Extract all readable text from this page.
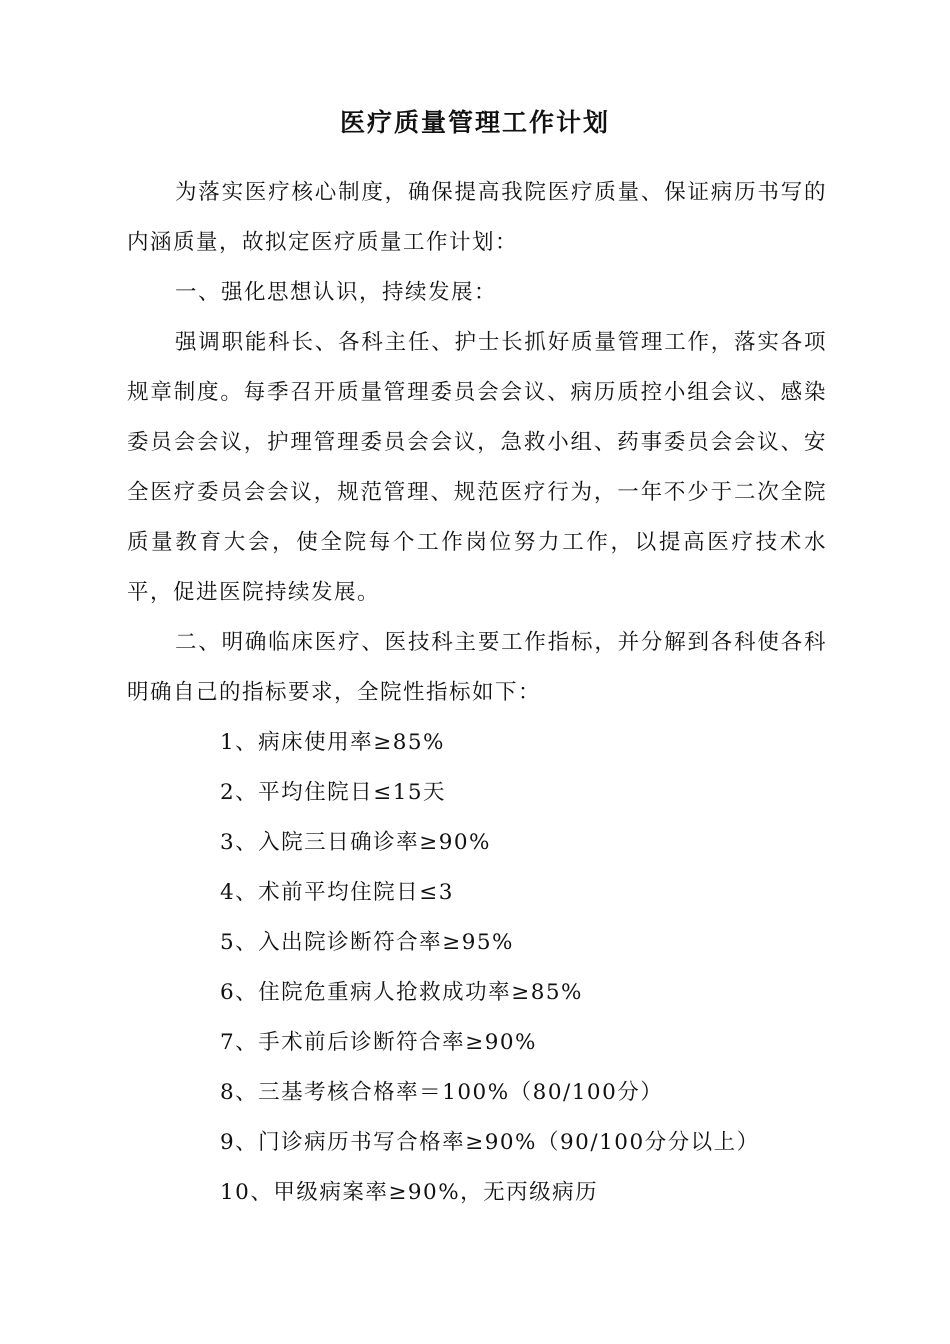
医疗质量管理工作计划

为落实医疗核心制度，确保提高我院医疗质量、保证病历书写的内涵质量，故拟定医疗质量工作计划：

一、强化思想认识，持续发展：

强调职能科长、各科主任、护士长抓好质量管理工作，落实各项规章制度。每季召开质量管理委员会会议、病历质控小组会议、感染委员会会议，护理管理委员会会议，急救小组、药事委员会会议、安全医疗委员会会议，规范管理、规范医疗行为，一年不少于二次全院质量教育大会，使全院每个工作岗位努力工作，以提高医疗技术水平，促进医院持续发展。

二、明确临床医疗、医技科主要工作指标，并分解到各科使各科明确自己的指标要求，全院性指标如下：

1、病床使用率≥85%
2、平均住院日≤15天
3、入院三日确诊率≥90%
4、术前平均住院日≤3
5、入出院诊断符合率≥95%
6、住院危重病人抢救成功率≥85%
7、手术前后诊断符合率≥90%
8、三基考核合格率＝100%（80/100分）
9、门诊病历书写合格率≥90%（90/100分分以上）
10、甲级病案率≥90%，无丙级病历
